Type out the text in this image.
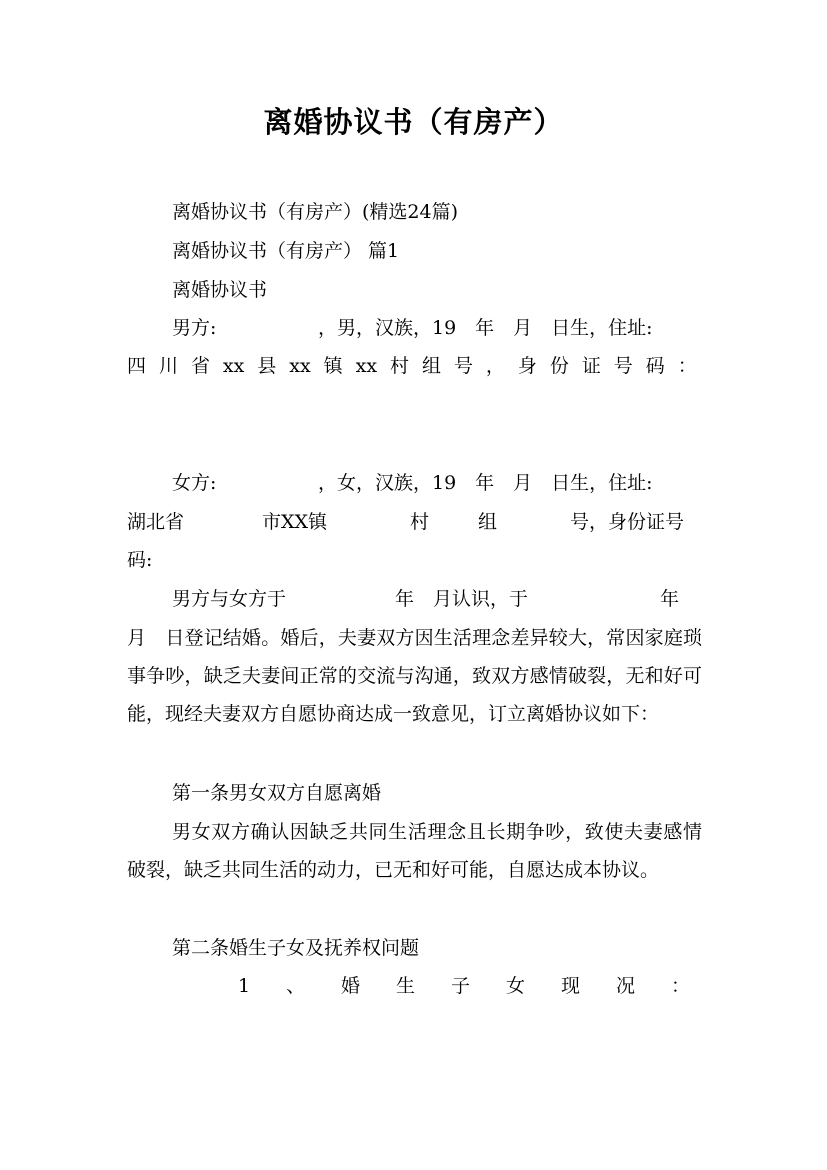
离婚协议书（有房产）
离婚协议书（有房产）(精选24篇)
离婚协议书（有房产） 篇1
离婚协议书
男方:	，男，汉族，19　年　月　日生，住址:
四 川 省 xx 县 xx 镇 xx 村 组 号 ， 身 份 证 号 码 ：
女方:	，女，汉族，19　年　月　日生，住址:
湖北省	市XX镇	村	组	号，身份证号
码:
男方与女方于	年　月认识，于	年
月　日登记结婚。婚后，夫妻双方因生活理念差异较大，常因家庭琐事争吵，缺乏夫妻间正常的交流与沟通，致双方感情破裂，无和好可能，现经夫妻双方自愿协商达成一致意见，订立离婚协议如下：
第一条男女双方自愿离婚
男女双方确认因缺乏共同生活理念且长期争吵，致使夫妻感情破裂，缺乏共同生活的动力，已无和好可能，自愿达成本协议。
第二条婚生子女及抚养权问题
1 、 婚 生 子 女 现 况 ：
